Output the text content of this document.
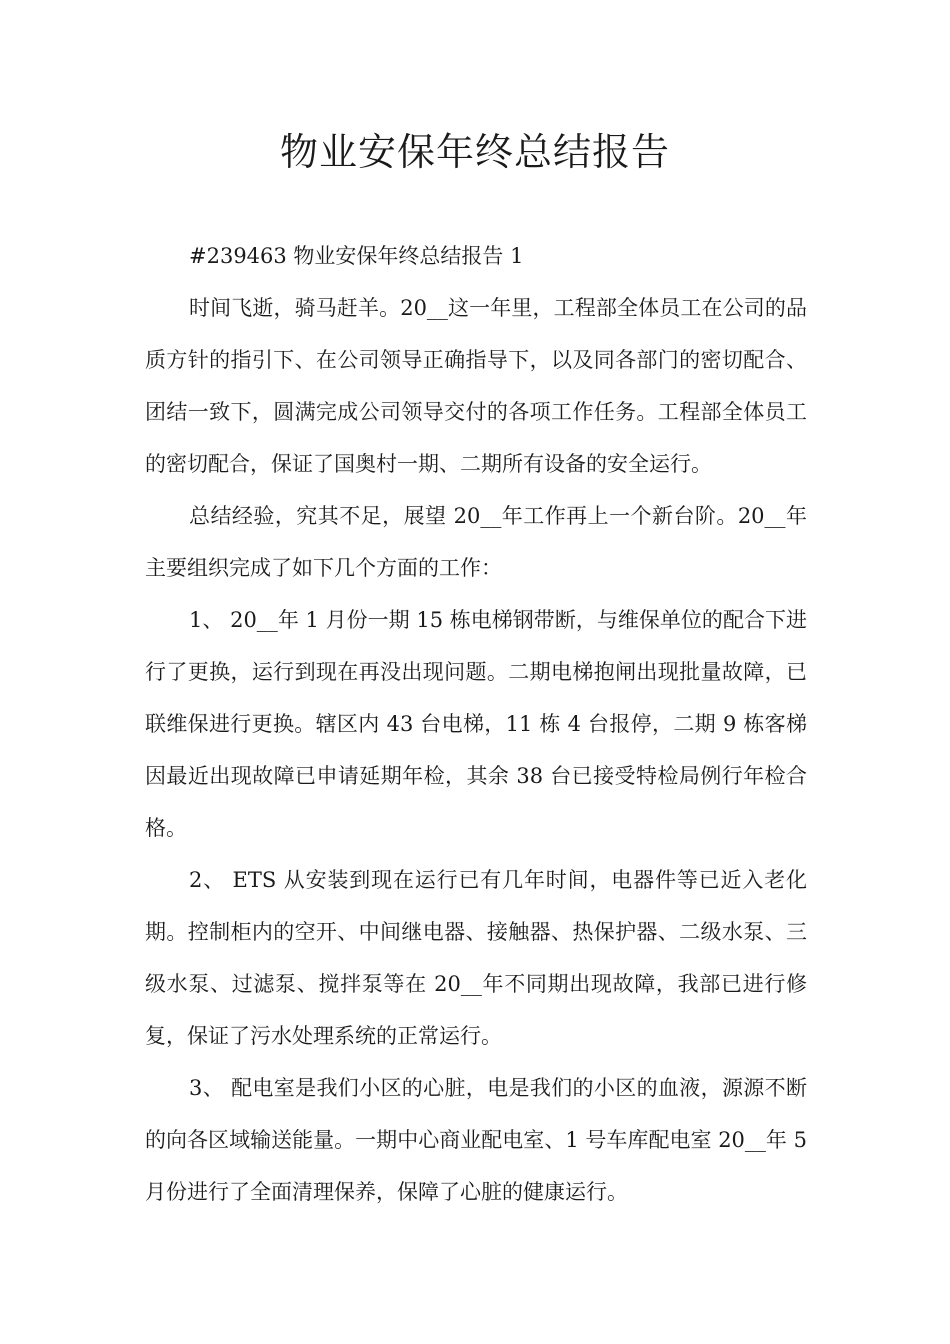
物业安保年终总结报告

#239463 物业安保年终总结报告 1

时间飞逝，骑马赶羊。20__这一年里，工程部全体员工在公司的品质方针的指引下、在公司领导正确指导下，以及同各部门的密切配合、团结一致下，圆满完成公司领导交付的各项工作任务。工程部全体员工的密切配合，保证了国奥村一期、二期所有设备的安全运行。

总结经验，究其不足，展望 20__年工作再上一个新台阶。20__年主要组织完成了如下几个方面的工作：

1、 20__年 1 月份一期 15 栋电梯钢带断，与维保单位的配合下进行了更换，运行到现在再没出现问题。二期电梯抱闸出现批量故障，已联维保进行更换。辖区内 43 台电梯，11 栋 4 台报停，二期 9 栋客梯因最近出现故障已申请延期年检，其余 38 台已接受特检局例行年检合格。

2、 ETS 从安装到现在运行已有几年时间，电器件等已近入老化期。控制柜内的空开、中间继电器、接触器、热保护器、二级水泵、三级水泵、过滤泵、搅拌泵等在 20__年不同期出现故障，我部已进行修复，保证了污水处理系统的正常运行。

3、 配电室是我们小区的心脏，电是我们的小区的血液，源源不断的向各区域输送能量。一期中心商业配电室、1 号车库配电室 20__年 5 月份进行了全面清理保养，保障了心脏的健康运行。
